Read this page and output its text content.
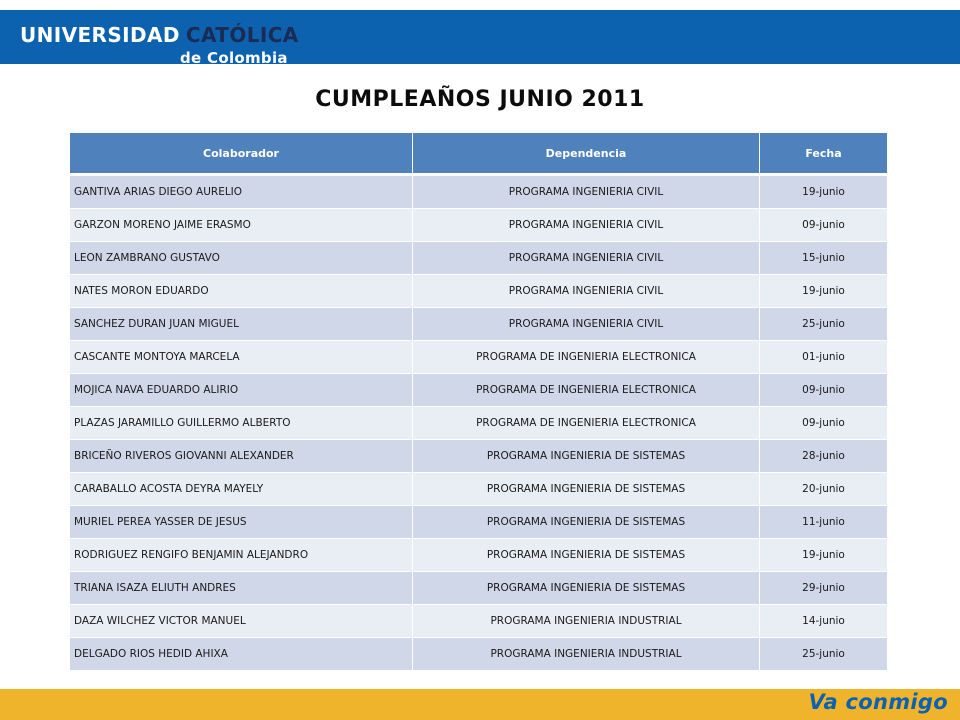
UNIVERSIDAD CATÓLICA
de Colombia
CUMPLEAÑOS JUNIO 2011
Colaborador	Dependencia	Fecha
GANTIVA ARIAS DIEGO AURELIO	PROGRAMA INGENIERIA CIVIL	19-junio
GARZON MORENO JAIME ERASMO	PROGRAMA INGENIERIA CIVIL	09-junio
LEON ZAMBRANO GUSTAVO	PROGRAMA INGENIERIA CIVIL	15-junio
NATES MORON EDUARDO	PROGRAMA INGENIERIA CIVIL	19-junio
SANCHEZ DURAN JUAN MIGUEL	PROGRAMA INGENIERIA CIVIL	25-junio
CASCANTE MONTOYA MARCELA	PROGRAMA DE INGENIERIA ELECTRONICA	01-junio
MOJICA NAVA EDUARDO ALIRIO	PROGRAMA DE INGENIERIA ELECTRONICA	09-junio
PLAZAS JARAMILLO GUILLERMO ALBERTO	PROGRAMA DE INGENIERIA ELECTRONICA	09-junio
BRICEÑO RIVEROS GIOVANNI ALEXANDER	PROGRAMA INGENIERIA DE SISTEMAS	28-junio
CARABALLO ACOSTA DEYRA MAYELY	PROGRAMA INGENIERIA DE SISTEMAS	20-junio
MURIEL PEREA YASSER DE JESUS	PROGRAMA INGENIERIA DE SISTEMAS	11-junio
RODRIGUEZ RENGIFO BENJAMIN ALEJANDRO	PROGRAMA INGENIERIA DE SISTEMAS	19-junio
TRIANA ISAZA ELIUTH ANDRES	PROGRAMA INGENIERIA DE SISTEMAS	29-junio
DAZA WILCHEZ VICTOR MANUEL	PROGRAMA INGENIERIA INDUSTRIAL	14-junio
DELGADO RIOS HEDID AHIXA	PROGRAMA INGENIERIA INDUSTRIAL	25-junio
Va conmigo
